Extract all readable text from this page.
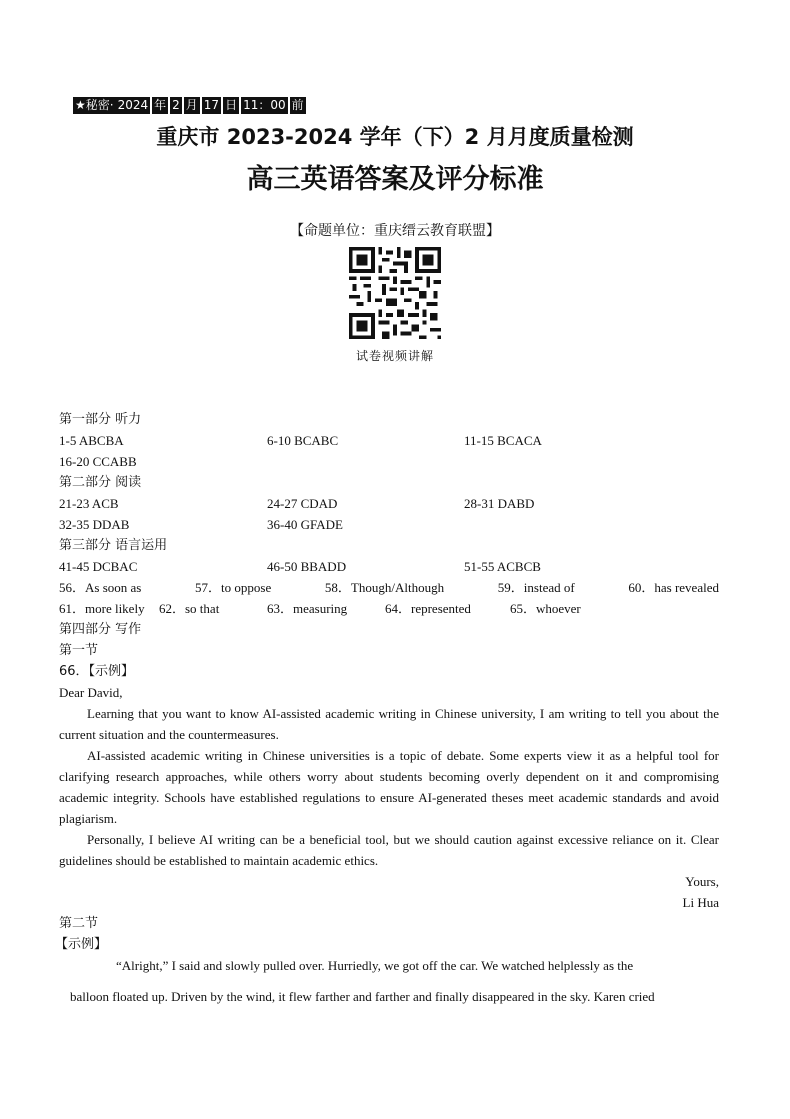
★秘密· 2024 年 2 月 17 日 11：00 前
重庆市 2023-2024 学年（下）2 月月度质量检测
高三英语答案及评分标准
【命题单位：重庆缙云教育联盟】
试卷视频讲解
第一部分 听力
1-5 ABCBA	6-10 BCABC	11-15 BCACA
16-20 CCABB
第二部分 阅读
21-23 ACB	24-27 CDAD	28-31 DABD
32-35 DDAB	36-40 GFADE
第三部分 语言运用
41-45 DCBAC	46-50 BBADD	51-55 ACBCB
56．As soon as	57．to oppose	58．Though/Although	59．instead of	60．has revealed
61．more likely	62．so that	63．measuring	64．represented	65．whoever
第四部分 写作
第一节
66．【示例】
Dear David,

Learning that you want to know AI-assisted academic writing in Chinese university, I am writing to tell you about the current situation and the countermeasures.

AI-assisted academic writing in Chinese universities is a topic of debate. Some experts view it as a helpful tool for clarifying research approaches, while others worry about students becoming overly dependent on it and compromising academic integrity. Schools have established regulations to ensure AI-generated theses meet academic standards and avoid plagiarism.

Personally, I believe AI writing can be a beneficial tool, but we should caution against excessive reliance on it. Clear guidelines should be established to maintain academic ethics.

Yours,
Li Hua
第二节
【示例】
“Alright,” I said and slowly pulled over. Hurriedly, we got off the car. We watched helplessly as the
balloon floated up. Driven by the wind, it flew farther and farther and finally disappeared in the sky. Karen cried
